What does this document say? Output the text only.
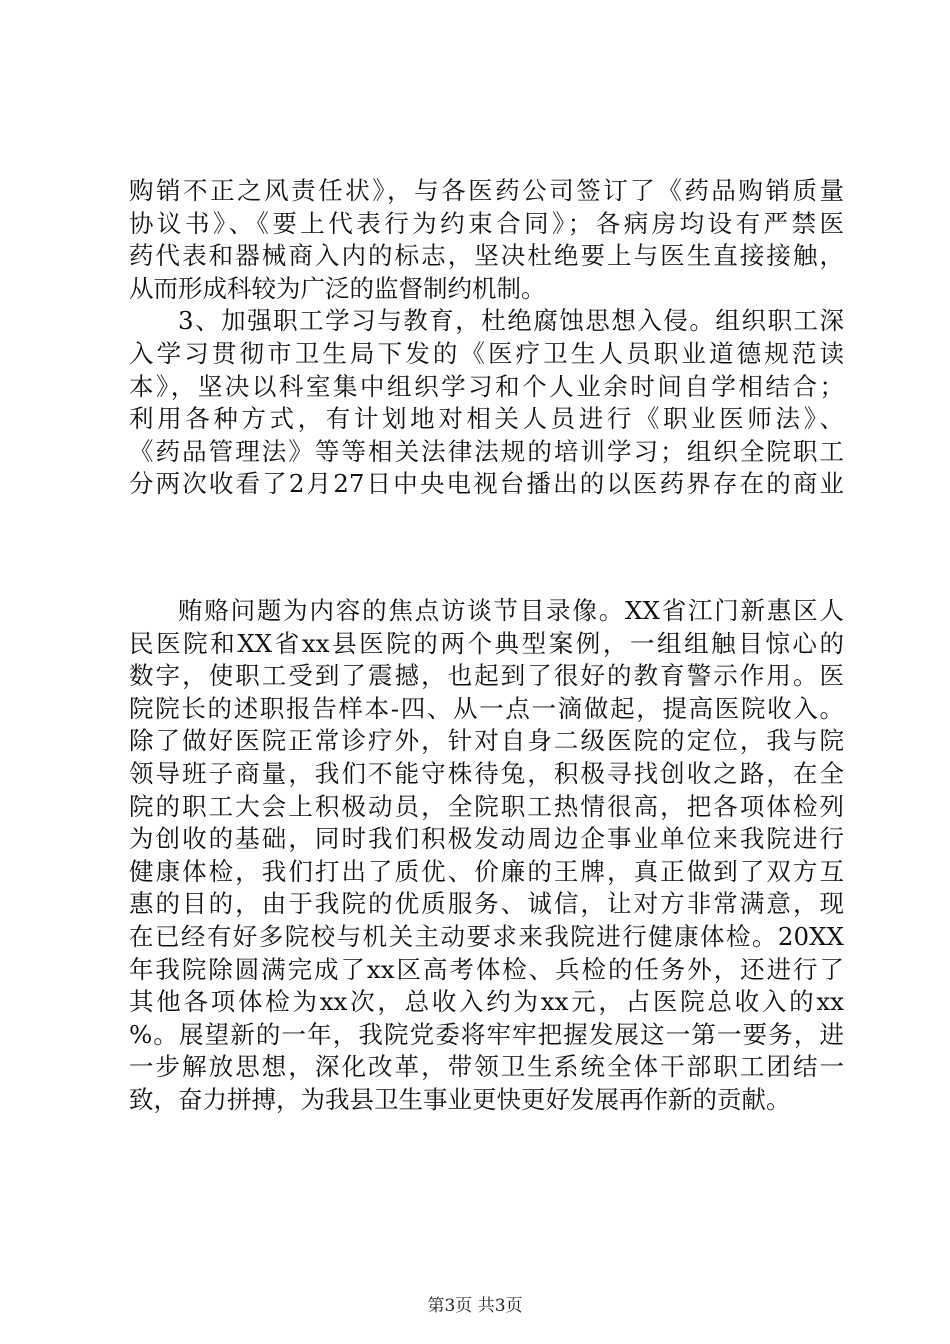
购销不正之风责任状》，与各医药公司签订了《药品购销质量
协议书》、《要上代表行为约束合同》；各病房均设有严禁医
药代表和器械商入内的标志，坚决杜绝要上与医生直接接触，
从而形成科较为广泛的监督制约机制。
3、加强职工学习与教育，杜绝腐蚀思想入侵。组织职工深
入学习贯彻市卫生局下发的《医疗卫生人员职业道德规范读
本》，坚决以科室集中组织学习和个人业余时间自学相结合；
利用各种方式，有计划地对相关人员进行《职业医师法》、
《药品管理法》等等相关法律法规的培训学习；组织全院职工
分两次收看了2月27日中央电视台播出的以医药界存在的商业
贿赂问题为内容的焦点访谈节目录像。XX省江门新惠区人
民医院和XX省xx县医院的两个典型案例，一组组触目惊心的
数字，使职工受到了震撼，也起到了很好的教育警示作用。医
院院长的述职报告样本-四、从一点一滴做起，提高医院收入。
除了做好医院正常诊疗外，针对自身二级医院的定位，我与院
领导班子商量，我们不能守株待兔，积极寻找创收之路，在全
院的职工大会上积极动员，全院职工热情很高，把各项体检列
为创收的基础，同时我们积极发动周边企事业单位来我院进行
健康体检，我们打出了质优、价廉的王牌，真正做到了双方互
惠的目的，由于我院的优质服务、诚信，让对方非常满意，现
在已经有好多院校与机关主动要求来我院进行健康体检。20XX
年我院除圆满完成了xx区高考体检、兵检的任务外，还进行了
其他各项体检为xx次，总收入约为xx元，占医院总收入的xx
%。展望新的一年，我院党委将牢牢把握发展这一第一要务，进
一步解放思想，深化改革，带领卫生系统全体干部职工团结一
致，奋力拼搏，为我县卫生事业更快更好发展再作新的贡献。
第3页 共3页
